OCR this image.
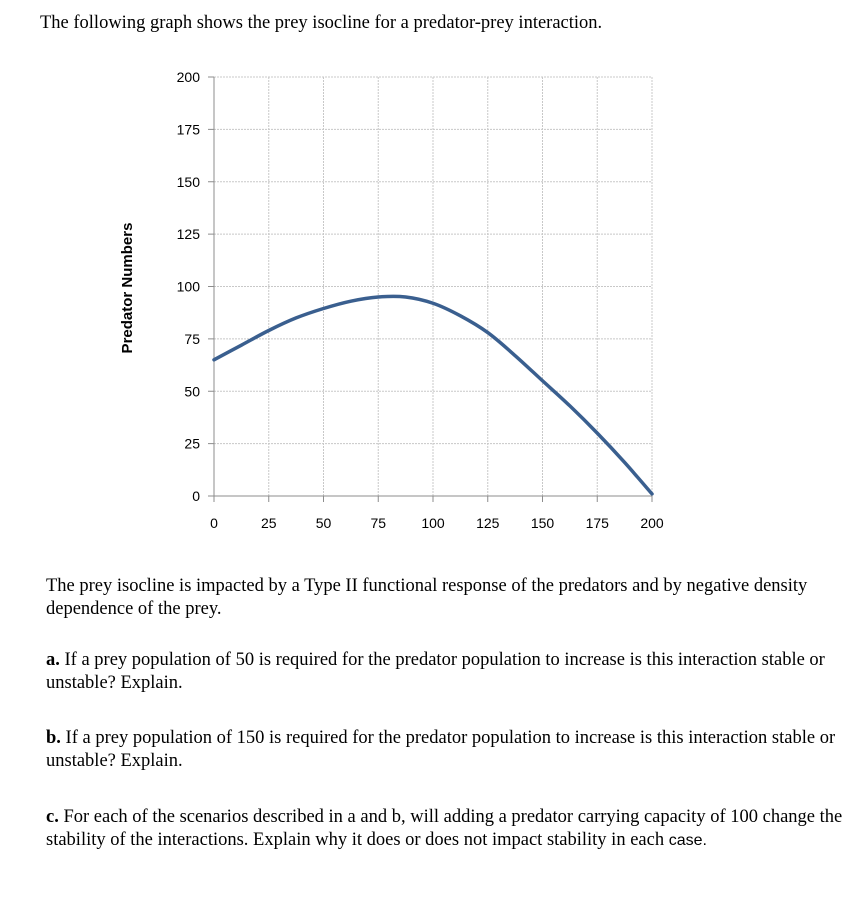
The following graph shows the prey isocline for a predator-prey interaction.
0
25
50
75
100
125
150
175
200
0	25	50	75	100 125 150 175 200
Predator Numbers
The prey isocline is impacted by a Type II functional response of the predators and by negative density dependence of the prey.
a. If a prey population of 50 is required for the predator population to increase is this interaction stable or unstable? Explain.
b. If a prey population of 150 is required for the predator population to increase is this interaction stable or unstable? Explain.
c. For each of the scenarios described in a and b, will adding a predator carrying capacity of 100 change the stability of the interactions. Explain why it does or does not impact stability in each case.
